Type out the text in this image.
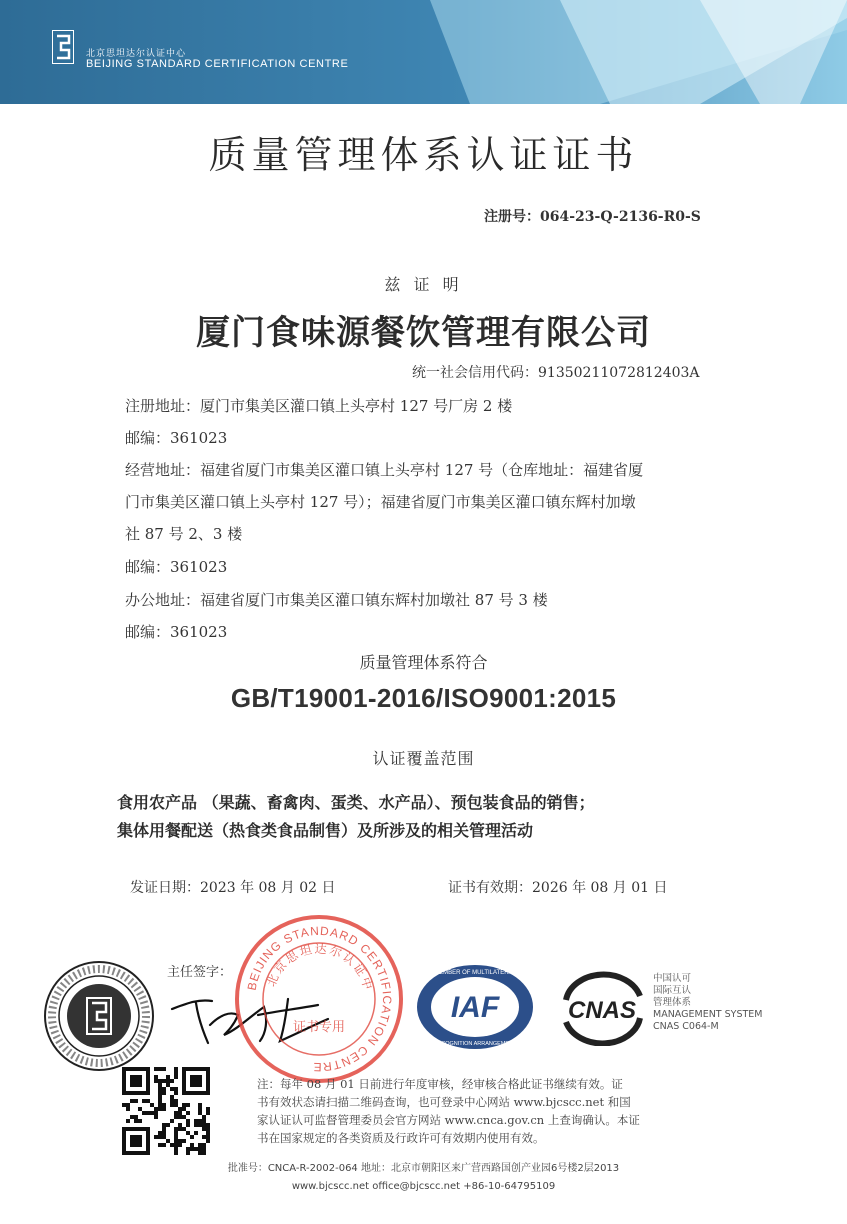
北京思坦达尔认证中心
BEIJING STANDARD CERTIFICATION CENTRE
质量管理体系认证证书
注册号：064-23-Q-2136-R0-S
兹 证 明
厦门食味源餐饮管理有限公司
统一社会信用代码：91350211072812403A
注册地址：厦门市集美区灌口镇上头亭村 127 号厂房 2 楼
邮编：361023
经营地址：福建省厦门市集美区灌口镇上头亭村 127 号（仓库地址：福建省厦
门市集美区灌口镇上头亭村 127 号）；福建省厦门市集美区灌口镇东辉村加墩
社 87 号 2、3 楼
邮编：361023
办公地址：福建省厦门市集美区灌口镇东辉村加墩社 87 号 3 楼
邮编：361023
质量管理体系符合
GB/T19001-2016/ISO9001:2015
认证覆盖范围
食用农产品 （果蔬、畜禽肉、蛋类、水产品）、预包装食品的销售；
集体用餐配送（热食类食品制售）及所涉及的相关管理活动
发证日期：2023 年 08 月 02 日	证书有效期：2026 年 08 月 01 日
主任签字：
BEIJING STANDARD CERTIFICATION CENTRE
北京思坦达尔认证中
证书专用
IAF
MEMBER OF MULTILATERAL
RECOGNITION ARRANGEMENT
CNAS
中国认可
国际互认
管理体系
MANAGEMENT SYSTEM
CNAS C064-M
注：每年 08 月 01 日前进行年度审核，经审核合格此证书继续有效。证
书有效状态请扫描二维码查询，也可登录中心网站 www.bjcscc.net 和国
家认证认可监督管理委员会官方网站 www.cnca.gov.cn 上查询确认。本证
书在国家规定的各类资质及行政许可有效期内使用有效。
批准号：CNCA-R-2002-064 地址：北京市朝阳区来广营西路国创产业园6号楼2层2013
www.bjcscc.net office@bjcscc.net +86-10-64795109
